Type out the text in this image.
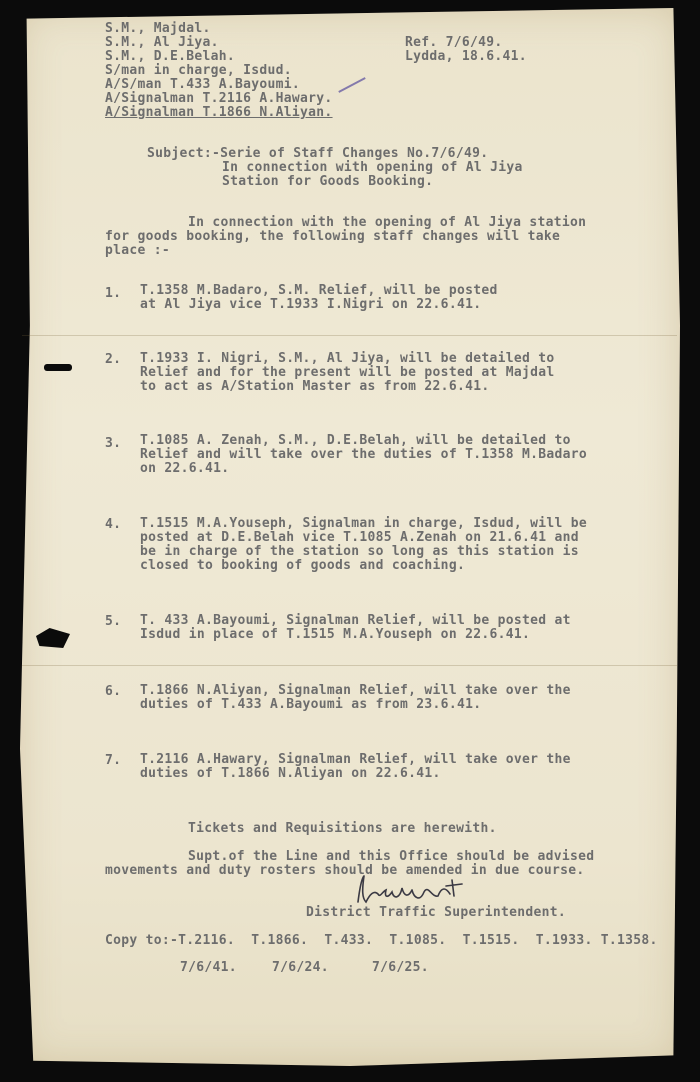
S.M., Majdal.
S.M., Al Jiya.
S.M., D.E.Belah.
S/man in charge, Isdud.
A/S/man T.433 A.Bayoumi.
A/Signalman T.2116 A.Hawary.
A/Signalman T.1866 N.Aliyan.
Ref. 7/6/49.
Lydda, 18.6.41.
Subject:-Serie of Staff Changes No.7/6/49.
In connection with opening of Al Jiya
Station for Goods Booking.
In connection with the opening of Al Jiya station
for goods booking, the following staff changes will take
place :-
1. T.1358 M.Badaro, S.M. Relief, will be posted
at Al Jiya vice T.1933 I.Nigri on 22.6.41.
2. T.1933 I. Nigri, S.M., Al Jiya, will be detailed to
Relief and for the present will be posted at Majdal
to act as A/Station Master as from 22.6.41.
3. T.1085 A. Zenah, S.M., D.E.Belah, will be detailed to
Relief and will take over the duties of T.1358 M.Badaro
on 22.6.41.
4. T.1515 M.A.Youseph, Signalman in charge, Isdud, will be
posted at D.E.Belah vice T.1085 A.Zenah on 21.6.41 and
be in charge of the station so long as this station is
closed to booking of goods and coaching.
5. T. 433 A.Bayoumi, Signalman Relief, will be posted at
Isdud in place of T.1515 M.A.Youseph on 22.6.41.
6. T.1866 N.Aliyan, Signalman Relief, will take over the
duties of T.433 A.Bayoumi as from 23.6.41.
7. T.2116 A.Hawary, Signalman Relief, will take over the
duties of T.1866 N.Aliyan on 22.6.41.
Tickets and Requisitions are herewith.
Supt.of the Line and this Office should be advised
movements and duty rosters should be amended in due course.
District Traffic Superintendent.
Copy to:-T.2116.  T.1866.  T.433.  T.1085.  T.1515.  T.1933. T.1358.
7/6/41.	7/6/24.	7/6/25.
